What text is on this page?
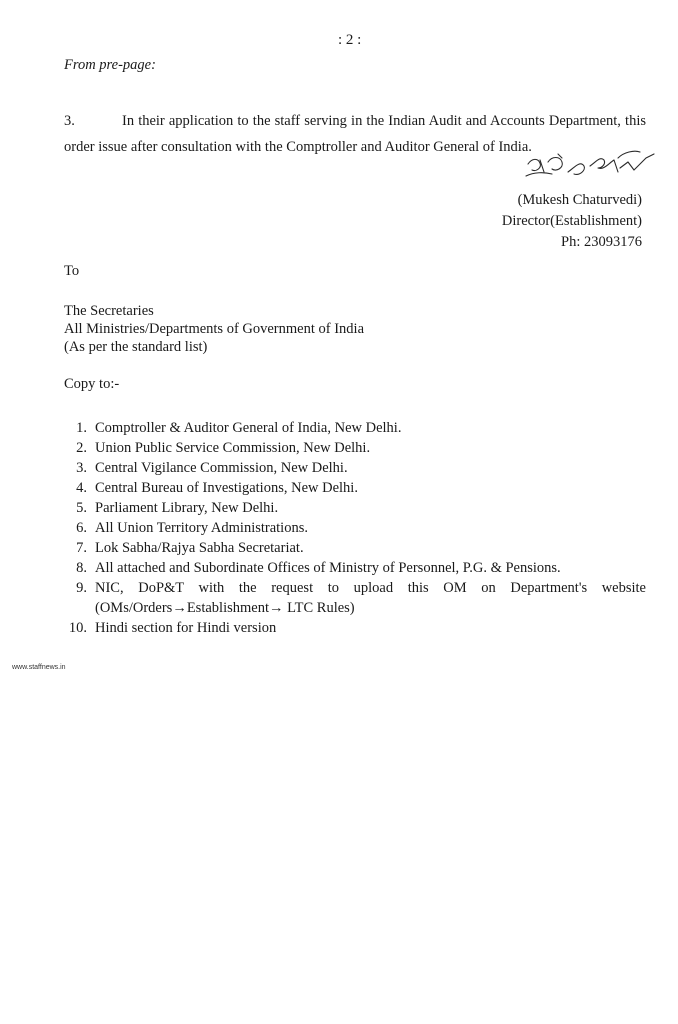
: 2 :
From pre-page:
3.	In their application to the staff serving in the Indian Audit and Accounts Department, this order issue after consultation with the Comptroller and Auditor General of India.
(Mukesh Chaturvedi)
Director(Establishment)
Ph: 23093176
To
The Secretaries
All Ministries/Departments of Government of India
(As per the standard list)
Copy to:-
1. Comptroller & Auditor General of India, New Delhi.
2. Union Public Service Commission, New Delhi.
3. Central Vigilance Commission, New Delhi.
4. Central Bureau of Investigations, New Delhi.
5. Parliament Library, New Delhi.
6. All Union Territory Administrations.
7. Lok Sabha/Rajya Sabha Secretariat.
8. All attached and Subordinate Offices of Ministry of Personnel, P.G. & Pensions.
9. NIC, DoP&T with the request to upload this OM on Department's website
(OMs/Orders→Establishment→ LTC Rules)
10. Hindi section for Hindi version
www.staffnews.in
